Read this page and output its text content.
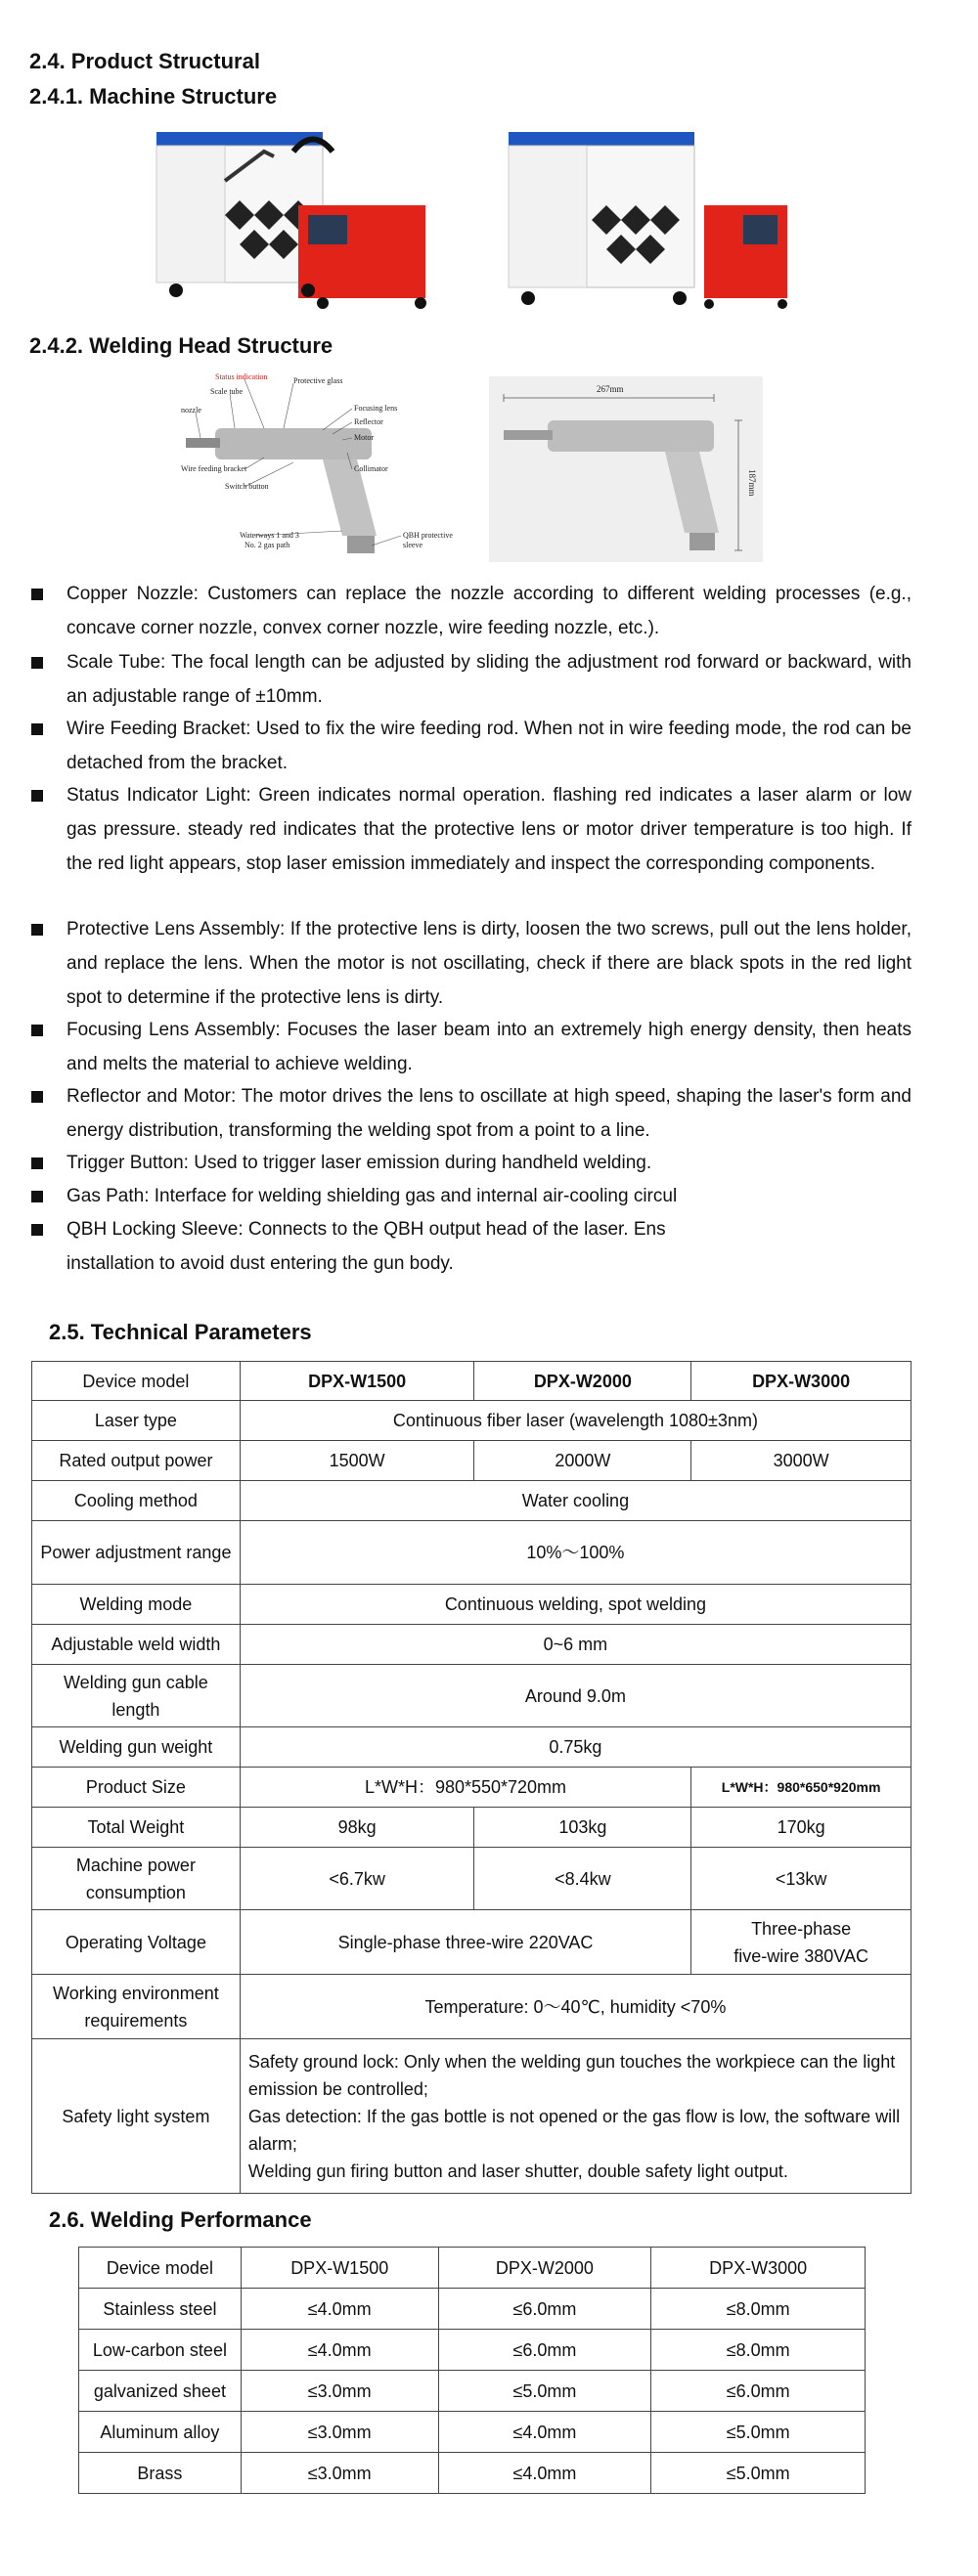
2.4. Product Structural
2.4.1. Machine Structure
2.4.2. Welding Head Structure
Status indication	Protective glass
Scale tube
nozzle	Focusing lens
Reflector
Motor
Collimator
Wire feeding bracket
Switch button
Waterways 1 and 3
No. 2 gas path
QBH protective
sleeve
267mm
187mm
Copper Nozzle: Customers can replace the nozzle according to different welding processes (e.g., concave corner nozzle, convex corner nozzle, wire feeding nozzle, etc.).
Scale Tube: The focal length can be adjusted by sliding the adjustment rod forward or backward, with an adjustable range of ±10mm.
Wire Feeding Bracket: Used to fix the wire feeding rod. When not in wire feeding mode, the rod can be detached from the bracket.
Status Indicator Light: Green indicates normal operation. flashing red indicates a laser alarm or low gas pressure. steady red indicates that the protective lens or motor driver temperature is too high. If the red light appears, stop laser emission immediately and inspect the corresponding components.
Protective Lens Assembly: If the protective lens is dirty, loosen the two screws, pull out the lens holder, and replace the lens. When the motor is not oscillating, check if there are black spots in the red light spot to determine if the protective lens is dirty.
Focusing Lens Assembly: Focuses the laser beam into an extremely high energy density, then heats and melts the material to achieve welding.
Reflector and Motor: The motor drives the lens to oscillate at high speed, shaping the laser's form and energy distribution, transforming the welding spot from a point to a line.
Trigger Button: Used to trigger laser emission during handheld welding.
Gas Path: Interface for welding shielding gas and internal air-cooling circul
QBH Locking Sleeve: Connects to the QBH output head of the laser. Ens installation to avoid dust entering the gun body.
2.5. Technical Parameters
Device model	DPX-W1500	DPX-W2000	DPX-W3000
Laser type	Continuous fiber laser (wavelength 1080±3nm)		
Rated output power	1500W	2000W	3000W
Cooling method	Water cooling		
Power adjustment range	10%～100%		
Welding mode	Continuous welding, spot welding		
Adjustable weld width	0~6 mm		
Welding gun cable length	Around 9.0m		
Welding gun weight	0.75kg		
Product Size	L*W*H：980*550*720mm		L*W*H：980*650*920mm
Total Weight	98kg	103kg	170kg
Machine power consumption	<6.7kw	<8.4kw	<13kw
Operating Voltage	Single-phase three-wire 220VAC		Three-phase
five-wire 380VAC
Working environment requirements	Temperature: 0～40℃, humidity <70%		
Safety light system	Safety ground lock: Only when the welding gun touches the workpiece can the light emission be controlled;
Gas detection: If the gas bottle is not opened or the gas flow is low, the software will alarm;
Welding gun firing button and laser shutter, double safety light output.		
2.6. Welding Performance
Device model	DPX-W1500	DPX-W2000	DPX-W3000
Stainless steel	≤4.0mm	≤6.0mm	≤8.0mm
Low-carbon steel	≤4.0mm	≤6.0mm	≤8.0mm
galvanized sheet	≤3.0mm	≤5.0mm	≤6.0mm
Aluminum alloy	≤3.0mm	≤4.0mm	≤5.0mm
Brass	≤3.0mm	≤4.0mm	≤5.0mm
